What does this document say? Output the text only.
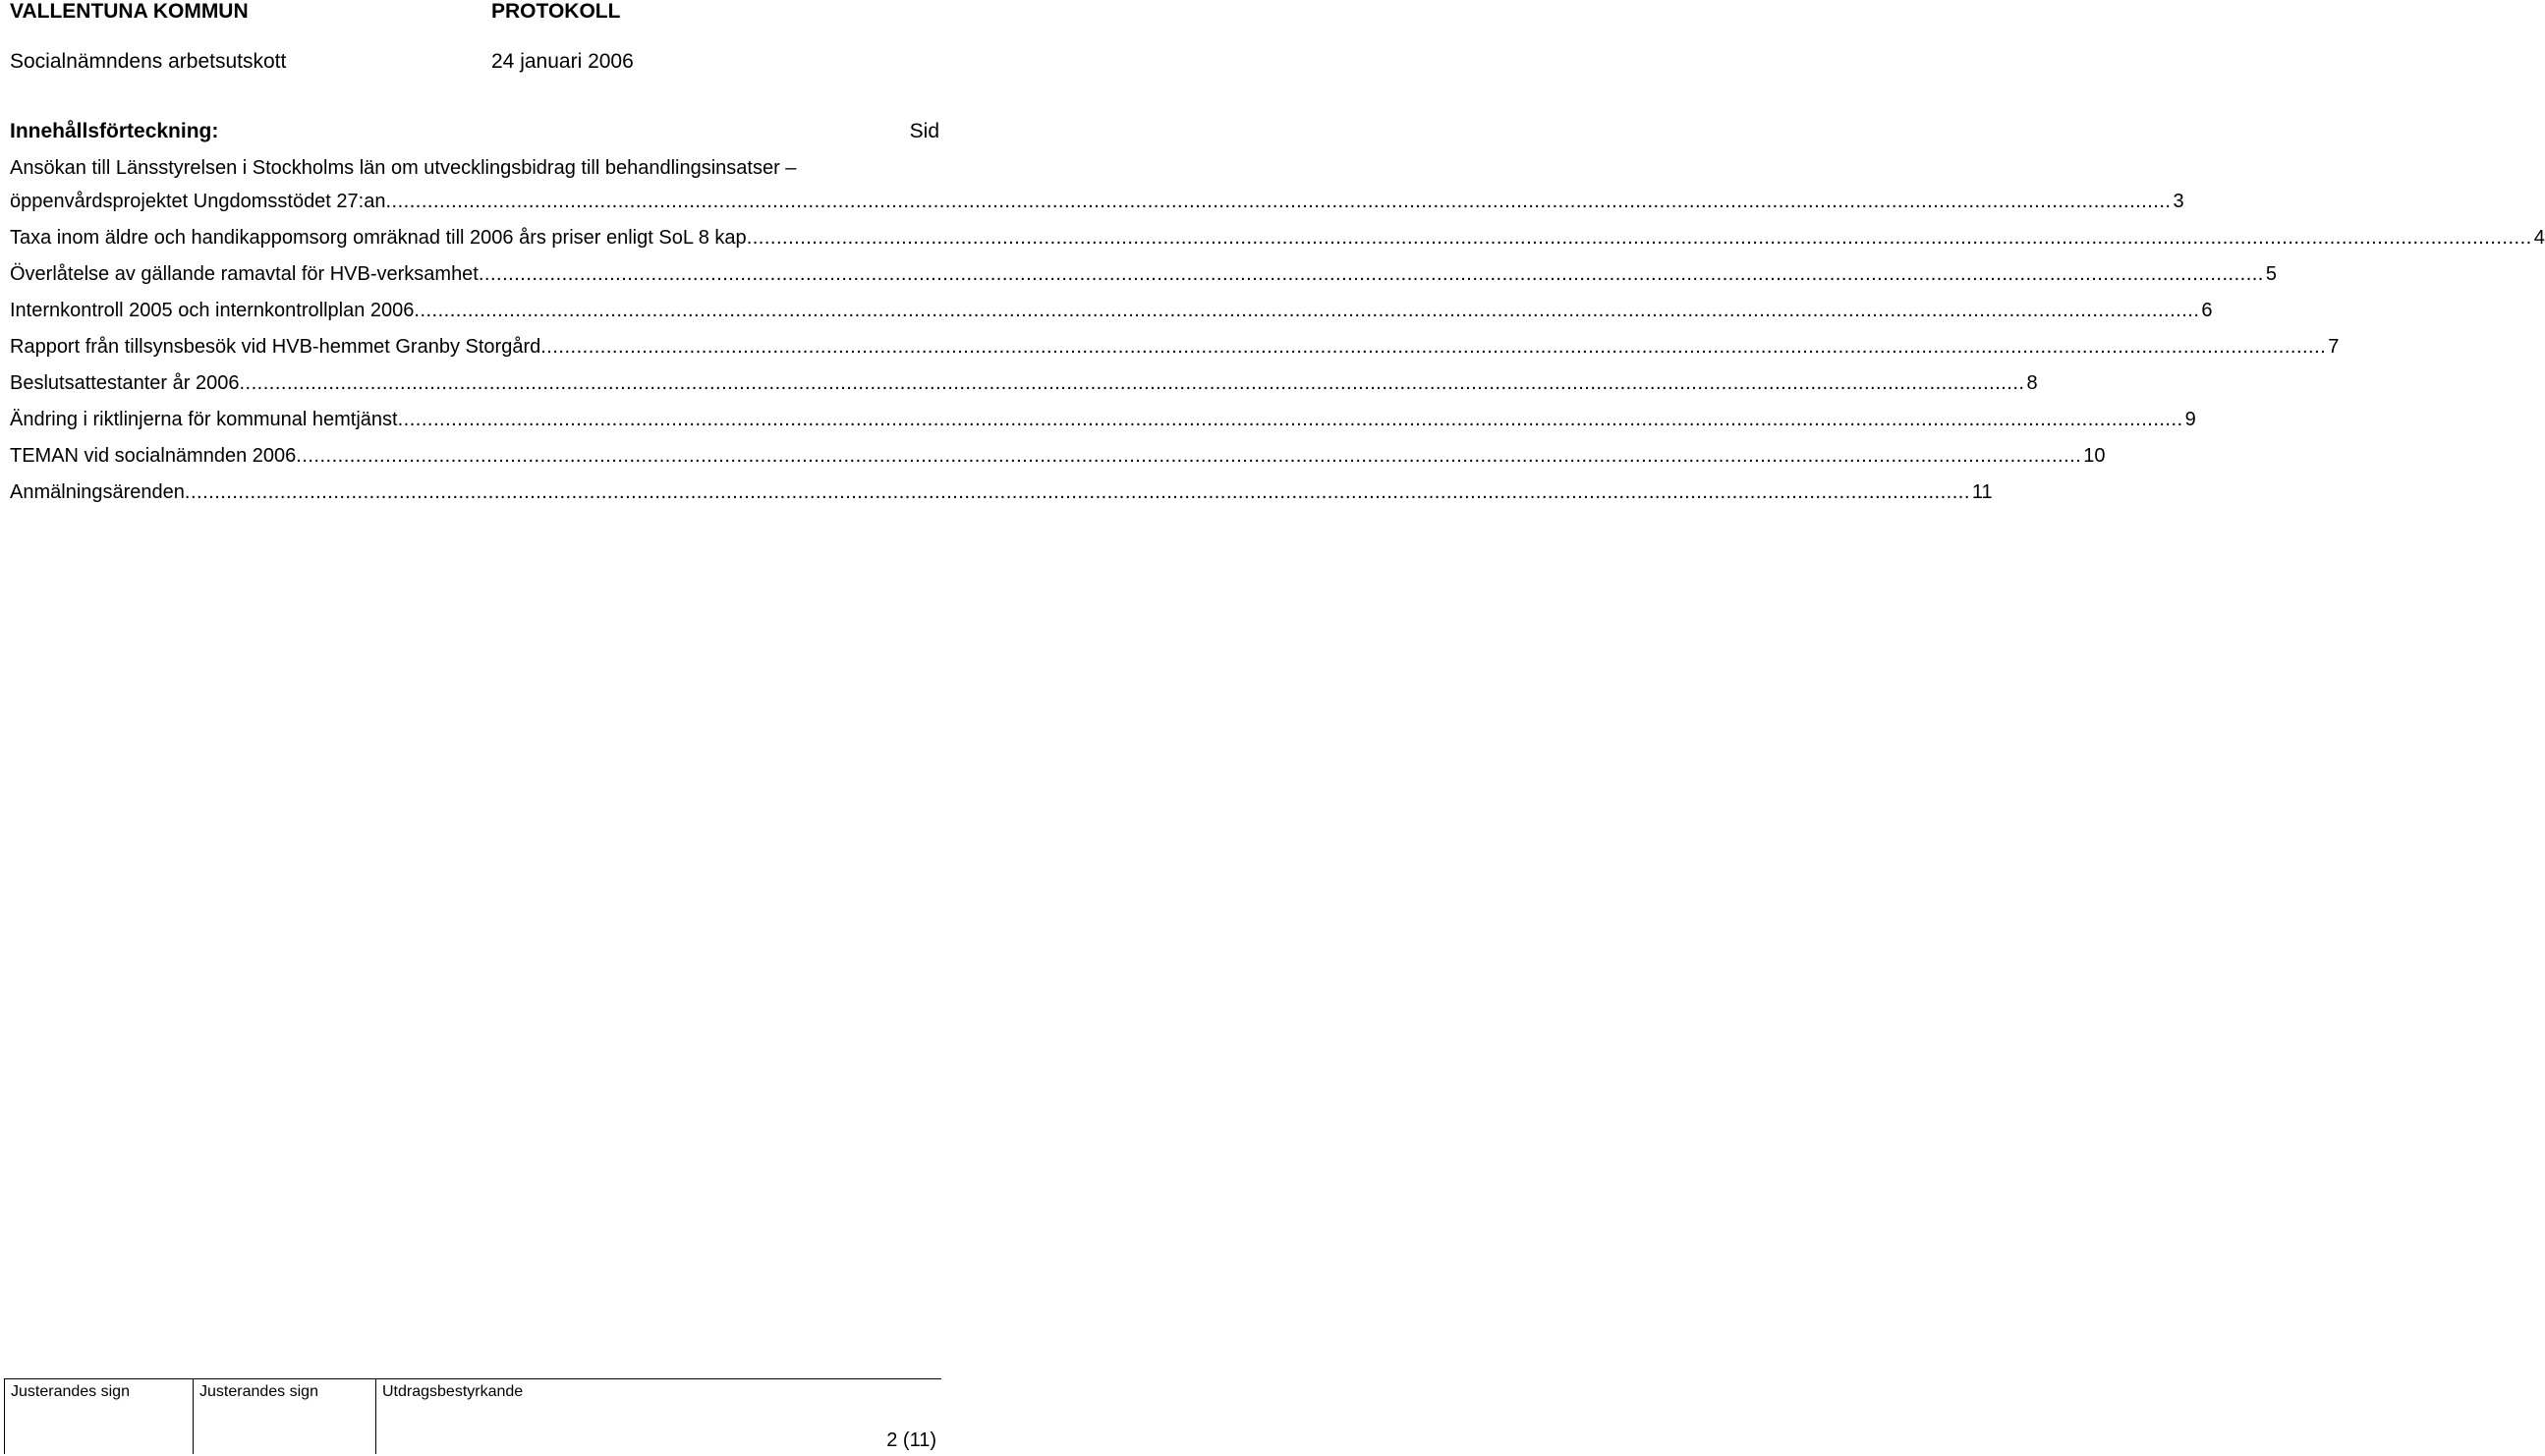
VALLENTUNA KOMMUN	PROTOKOLL
Socialnämndens arbetsutskott	24 januari 2006
Innehållsförteckning:	Sid
Ansökan till Länsstyrelsen i Stockholms län om utvecklingsbidrag till behandlingsinsatser –
öppenvårdsprojektet Ungdomsstödet 27:an ............................................................................................................................................................................................................................................................................................................ 3
Taxa inom äldre och handikappomsorg omräknad till 2006 års priser enligt SoL 8 kap ............................................................................................................................................................................................................................................................................................................ 4
Överlåtelse av gällande ramavtal för HVB-verksamhet ............................................................................................................................................................................................................................................................................................................ 5
Internkontroll 2005 och internkontrollplan 2006 ............................................................................................................................................................................................................................................................................................................ 6
Rapport från tillsynsbesök vid HVB-hemmet Granby Storgård ............................................................................................................................................................................................................................................................................................................ 7
Beslutsattestanter år 2006 ............................................................................................................................................................................................................................................................................................................ 8
Ändring i riktlinjerna för kommunal hemtjänst ............................................................................................................................................................................................................................................................................................................ 9
TEMAN vid socialnämnden 2006 ............................................................................................................................................................................................................................................................................................................ 10
Anmälningsärenden ............................................................................................................................................................................................................................................................................................................ 11
Justerandes sign	Justerandes sign	Utdragsbestyrkande
2 (11)
